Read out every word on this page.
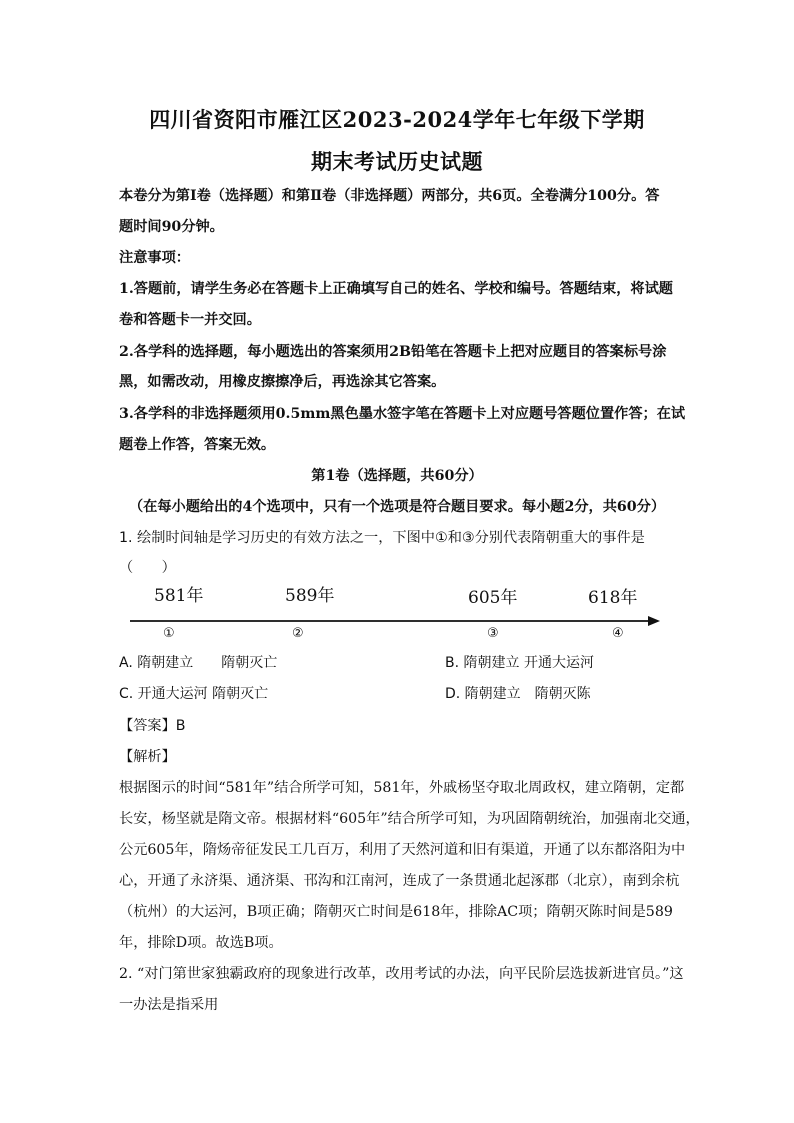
四川省资阳市雁江区2023-2024学年七年级下学期
期末考试历史试题
本卷分为第Ⅰ卷（选择题）和第Ⅱ卷（非选择题）两部分，共6页。全卷满分100分。答
题时间90分钟。
注意事项：
1.答题前，请学生务必在答题卡上正确填写自己的姓名、学校和编号。答题结束，将试题
卷和答题卡一并交回。
2.各学科的选择题，每小题选出的答案须用2B铅笔在答题卡上把对应题目的答案标号涂
黑，如需改动，用橡皮擦擦净后，再选涂其它答案。
3.各学科的非选择题须用0.5mm黑色墨水签字笔在答题卡上对应题号答题位置作答；在试
题卷上作答，答案无效。
第1卷（选择题，共60分）
（在每小题给出的4个选项中，只有一个选项是符合题目要求。每小题2分，共60分）
1. 绘制时间轴是学习历史的有效方法之一，下图中①和③分别代表隋朝重大的事件是
（　　）
581年	589年	605年	618年
①	②	③	④
A. 隋朝建立　　隋朝灭亡	B. 隋朝建立 开通大运河
C. 开通大运河 隋朝灭亡	D. 隋朝建立　隋朝灭陈
【答案】B
【解析】
根据图示的时间“581年”结合所学可知，581年，外戚杨坚夺取北周政权，建立隋朝，定都
长安，杨坚就是隋文帝。根据材料“605年”结合所学可知，为巩固隋朝统治，加强南北交通，
公元605年，隋炀帝征发民工几百万，利用了天然河道和旧有渠道，开通了以东都洛阳为中
心，开通了永济渠、通济渠、邗沟和江南河，连成了一条贯通北起涿郡（北京），南到余杭
（杭州）的大运河，B项正确；隋朝灭亡时间是618年，排除AC项；隋朝灭陈时间是589
年，排除D项。故选B项。
2. “对门第世家独霸政府的现象进行改革，改用考试的办法，向平民阶层选拔新进官员。”这
一办法是指采用
